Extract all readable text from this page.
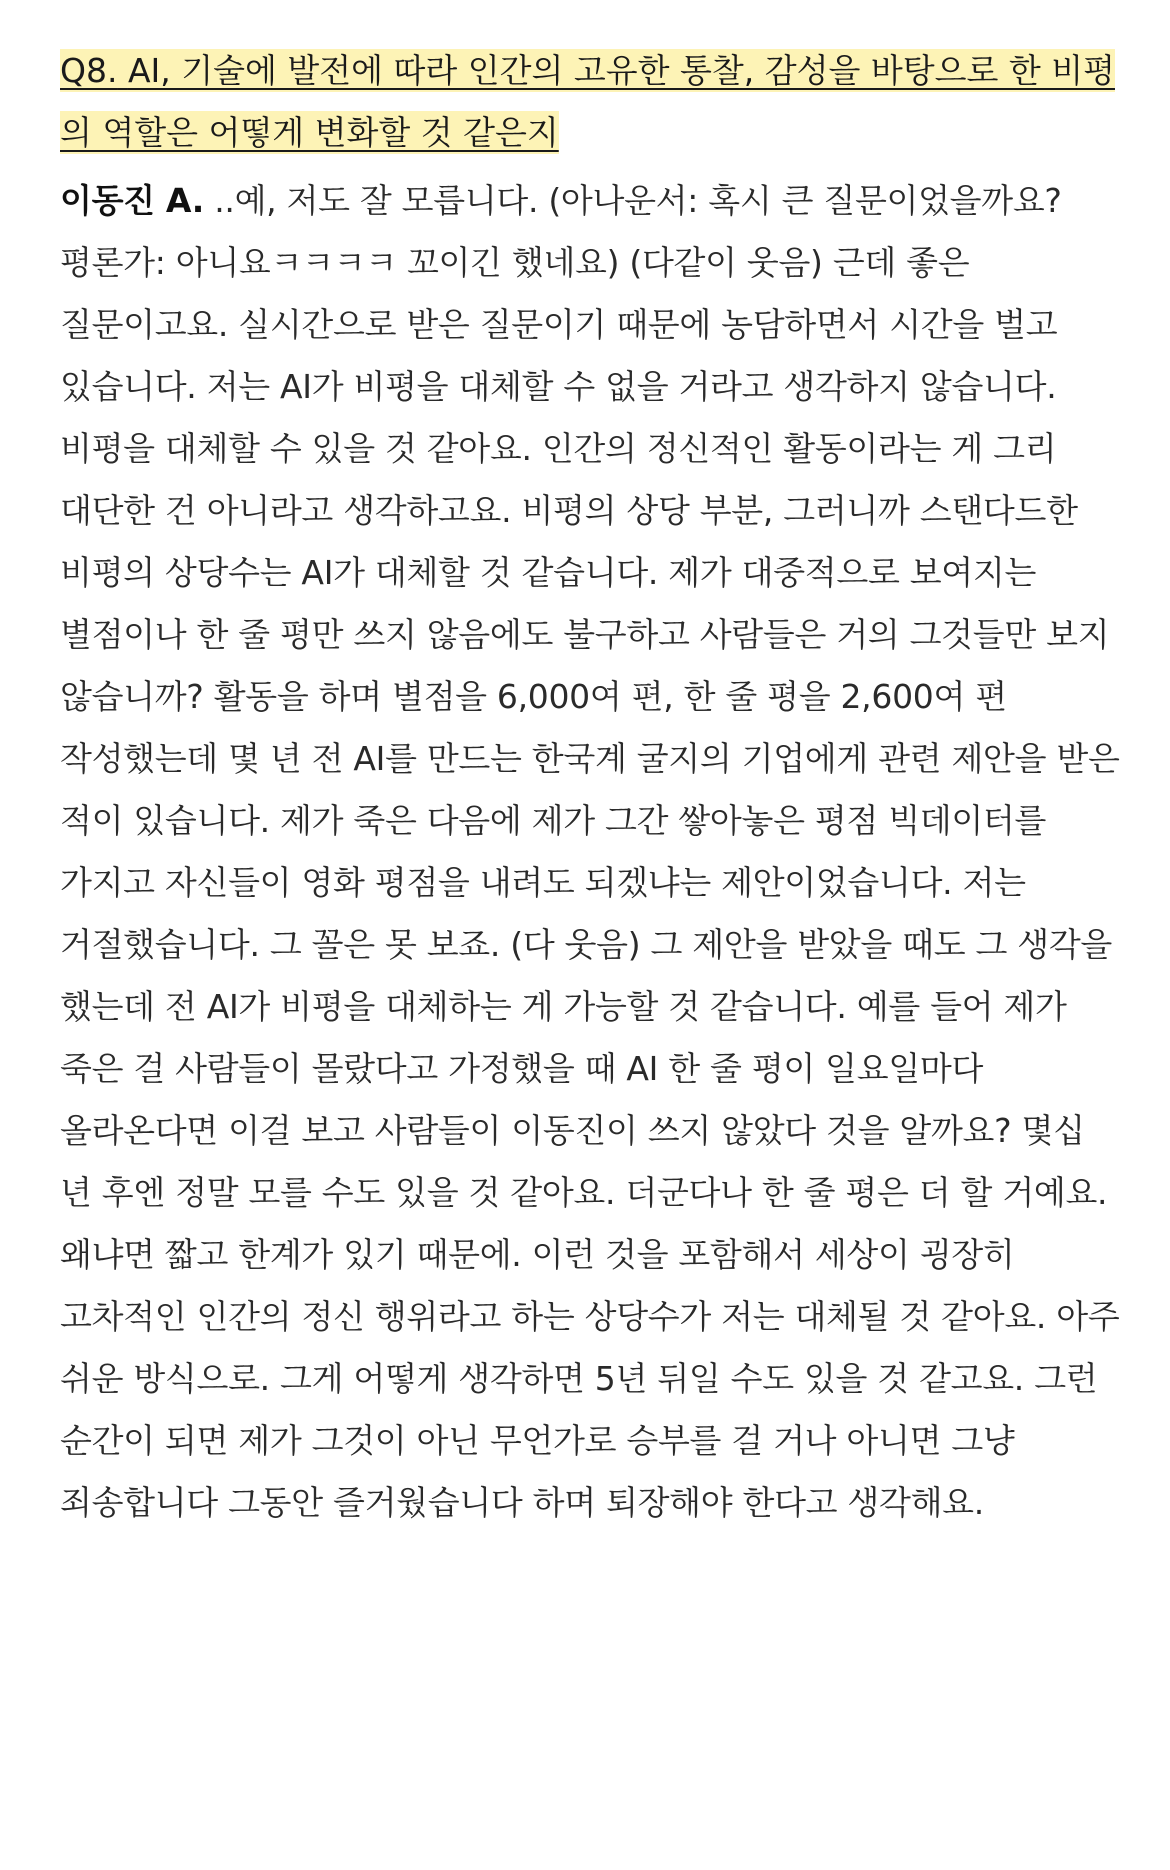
Q8. AI, 기술에 발전에 따라 인간의 고유한 통찰, 감성을 바탕으로 한 비평의 역할은 어떻게 변화할 것 같은지

이동진 A. ..예, 저도 잘 모릅니다. (아나운서: 혹시 큰 질문이었을까요? 평론가: 아니요ㅋㅋㅋㅋ 꼬이긴 했네요) (다같이 웃음) 근데 좋은 질문이고요. 실시간으로 받은 질문이기 때문에 농담하면서 시간을 벌고 있습니다. 저는 AI가 비평을 대체할 수 없을 거라고 생각하지 않습니다. 비평을 대체할 수 있을 것 같아요. 인간의 정신적인 활동이라는 게 그리 대단한 건 아니라고 생각하고요. 비평의 상당 부분, 그러니까 스탠다드한 비평의 상당수는 AI가 대체할 것 같습니다. 제가 대중적으로 보여지는 별점이나 한 줄 평만 쓰지 않음에도 불구하고 사람들은 거의 그것들만 보지 않습니까? 활동을 하며 별점을 6,000여 편, 한 줄 평을 2,600여 편 작성했는데 몇 년 전 AI를 만드는 한국계 굴지의 기업에게 관련 제안을 받은 적이 있습니다. 제가 죽은 다음에 제가 그간 쌓아놓은 평점 빅데이터를 가지고 자신들이 영화 평점을 내려도 되겠냐는 제안이었습니다. 저는 거절했습니다. 그 꼴은 못 보죠. (다 웃음) 그 제안을 받았을 때도 그 생각을 했는데 전 AI가 비평을 대체하는 게 가능할 것 같습니다. 예를 들어 제가 죽은 걸 사람들이 몰랐다고 가정했을 때 AI 한 줄 평이 일요일마다 올라온다면 이걸 보고 사람들이 이동진이 쓰지 않았다 것을 알까요? 몇십 년 후엔 정말 모를 수도 있을 것 같아요. 더군다나 한 줄 평은 더 할 거예요. 왜냐면 짧고 한계가 있기 때문에. 이런 것을 포함해서 세상이 굉장히 고차적인 인간의 정신 행위라고 하는 상당수가 저는 대체될 것 같아요. 아주 쉬운 방식으로. 그게 어떻게 생각하면 5년 뒤일 수도 있을 것 같고요. 그런 순간이 되면 제가 그것이 아닌 무언가로 승부를 걸 거나 아니면 그냥 죄송합니다 그동안 즐거웠습니다 하며 퇴장해야 한다고 생각해요.
